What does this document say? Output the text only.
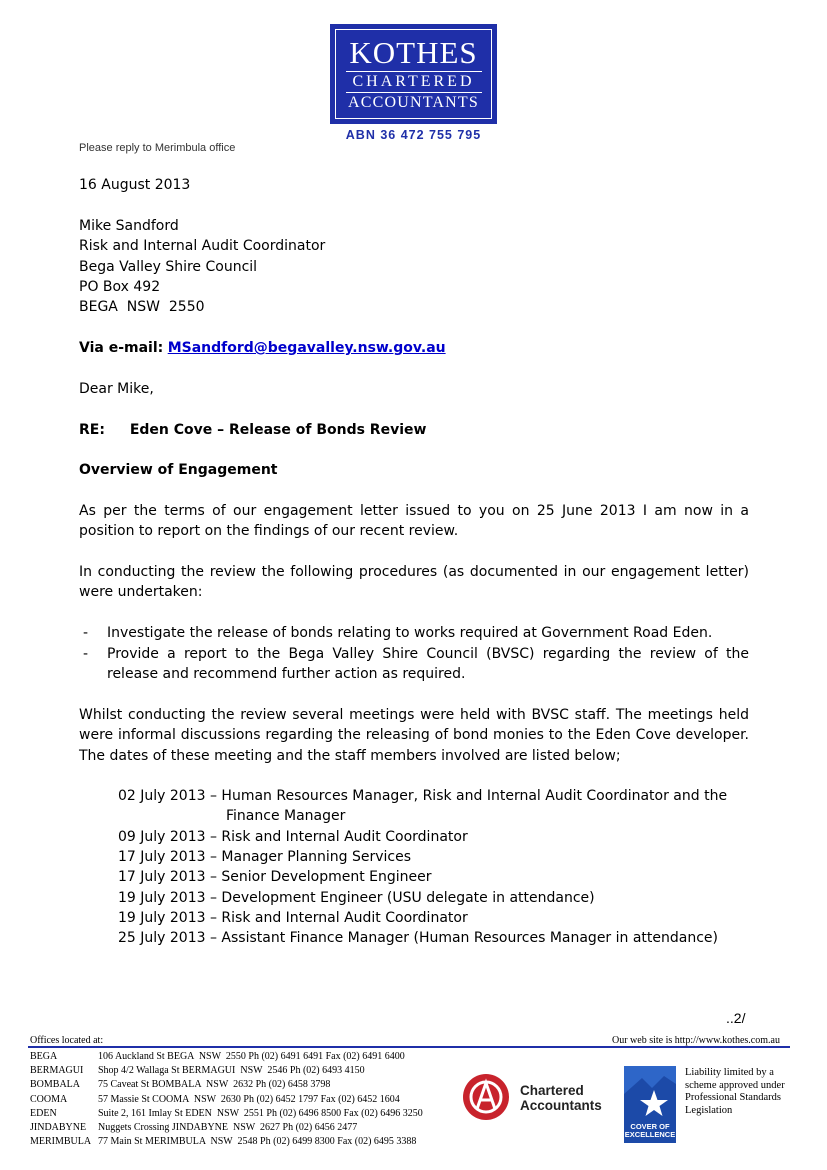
KOTHES
CHARTERED
ACCOUNTANTS
ABN 36 472 755 795
Please reply to Merimbula office
16 August 2013
Mike Sandford
Risk and Internal Audit Coordinator
Bega Valley Shire Council
PO Box 492
BEGA  NSW  2550
Via e-mail: MSandford@begavalley.nsw.gov.au
Dear Mike,
RE: Eden Cove – Release of Bonds Review
Overview of Engagement
As per the terms of our engagement letter issued to you on 25 June 2013 I am now in a position to report on the findings of our recent review.
In conducting the review the following procedures (as documented in our engagement letter) were undertaken:
- Investigate the release of bonds relating to works required at Government Road Eden.
- Provide a report to the Bega Valley Shire Council (BVSC) regarding the review of the release and recommend further action as required.
Whilst conducting the review several meetings were held with BVSC staff. The meetings held were informal discussions regarding the releasing of bond monies to the Eden Cove developer. The dates of these meeting and the staff members involved are listed below;
02 July 2013 – Human Resources Manager, Risk and Internal Audit Coordinator and the
Finance Manager
09 July 2013 – Risk and Internal Audit Coordinator
17 July 2013 – Manager Planning Services
17 July 2013 – Senior Development Engineer
19 July 2013 – Development Engineer (USU delegate in attendance)
19 July 2013 – Risk and Internal Audit Coordinator
25 July 2013 – Assistant Finance Manager (Human Resources Manager in attendance)
..2/
Offices located at:	Our web site is http://www.kothes.com.au
BEGA	106 Auckland St BEGA  NSW  2550 Ph (02) 6491 6491 Fax (02) 6491 6400
BERMAGUI	Shop 4/2 Wallaga St BERMAGUI  NSW  2546 Ph (02) 6493 4150
BOMBALA	75 Caveat St BOMBALA  NSW  2632 Ph (02) 6458 3798
COOMA	57 Massie St COOMA  NSW  2630 Ph (02) 6452 1797 Fax (02) 6452 1604
EDEN	Suite 2, 161 Imlay St EDEN  NSW  2551 Ph (02) 6496 8500 Fax (02) 6496 3250
JINDABYNE	Nuggets Crossing JINDABYNE  NSW  2627 Ph (02) 6456 2477
MERIMBULA 77 Main St MERIMBULA  NSW  2548 Ph (02) 6499 8300 Fax (02) 6495 3388
Chartered
Accountants
COVER OF
EXCELLENCE
Liability limited by a scheme approved under Professional Standards Legislation
